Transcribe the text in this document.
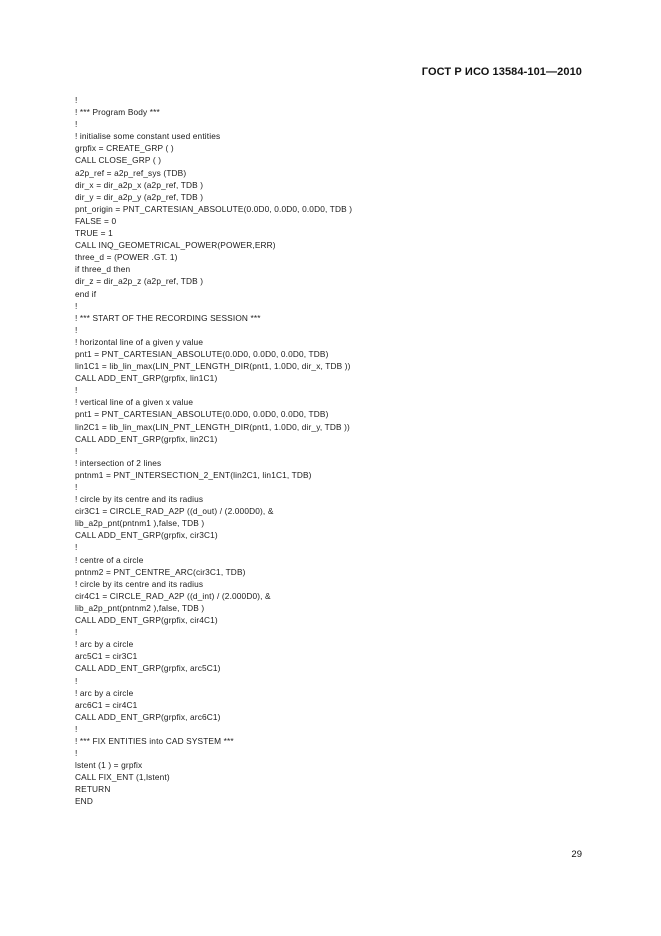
ГОСТ Р ИСО 13584-101—2010
!
! *** Program Body ***
!
! initialise some constant used entities
grpfix = CREATE_GRP ( )
CALL CLOSE_GRP ( )
a2p_ref = a2p_ref_sys (TDB)
dir_x = dir_a2p_x (a2p_ref, TDB )
dir_y = dir_a2p_y (a2p_ref, TDB )
pnt_origin = PNT_CARTESIAN_ABSOLUTE(0.0D0, 0.0D0, 0.0D0, TDB )
FALSE = 0
TRUE = 1
CALL INQ_GEOMETRICAL_POWER(POWER,ERR)
three_d = (POWER .GT. 1)
if three_d then
dir_z = dir_a2p_z (a2p_ref, TDB )
end if
!
! *** START OF THE RECORDING SESSION ***
!
! horizontal line of a given y value
pnt1 = PNT_CARTESIAN_ABSOLUTE(0.0D0, 0.0D0, 0.0D0, TDB)
lin1C1 = lib_lin_max(LIN_PNT_LENGTH_DIR(pnt1, 1.0D0, dir_x, TDB ))
CALL ADD_ENT_GRP(grpfix, lin1C1)
!
! vertical line of a given x value
pnt1 = PNT_CARTESIAN_ABSOLUTE(0.0D0, 0.0D0, 0.0D0, TDB)
lin2C1 = lib_lin_max(LIN_PNT_LENGTH_DIR(pnt1, 1.0D0, dir_y, TDB ))
CALL ADD_ENT_GRP(grpfix, lin2C1)
!
! intersection of 2 lines
pntnm1 = PNT_INTERSECTION_2_ENT(lin2C1, lin1C1, TDB)
!
! circle by its centre and its radius
cir3C1 = CIRCLE_RAD_A2P ((d_out) / (2.000D0), &
lib_a2p_pnt(pntnm1 ),false, TDB )
CALL ADD_ENT_GRP(grpfix, cir3C1)
!
! centre of a circle
pntnm2 = PNT_CENTRE_ARC(cir3C1, TDB)
! circle by its centre and its radius
cir4C1 = CIRCLE_RAD_A2P ((d_int) / (2.000D0), &
lib_a2p_pnt(pntnm2 ),false, TDB )
CALL ADD_ENT_GRP(grpfix, cir4C1)
!
! arc by a circle
arc5C1 = cir3C1
CALL ADD_ENT_GRP(grpfix, arc5C1)
!
! arc by a circle
arc6C1 = cir4C1
CALL ADD_ENT_GRP(grpfix, arc6C1)
!
! *** FIX ENTITIES into CAD SYSTEM ***
!
lstent (1 ) = grpfix
CALL FIX_ENT (1,lstent)
RETURN
END
29
